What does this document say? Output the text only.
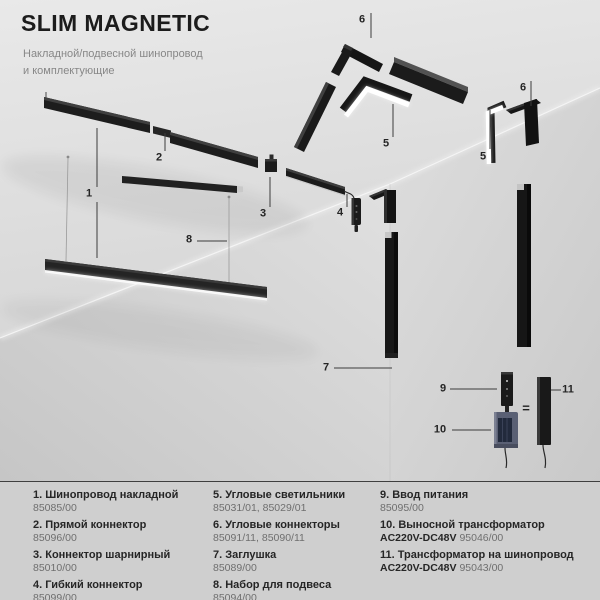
SLIM MAGNETIC
Накладной/подвесной шинопровод
и комплектующие
1
2
3	4
5
5
6
6
7
8
9
10
11
=
1. Шинопровод накладной
85085/00
2. Прямой коннектор
85096/00
3. Коннектор шарнирный
85010/00
4. Гибкий коннектор
85099/00
5. Угловые светильники
85031/01, 85029/01
6. Угловые коннекторы
85091/11, 85090/11
7. Заглушка
85089/00
8. Набор для подвеса
85094/00
9. Ввод питания
85095/00
10. Выносной трансформатор
AC220V-DC48V 95046/00
11. Трансформатор на шинопровод
AC220V-DC48V 95043/00
